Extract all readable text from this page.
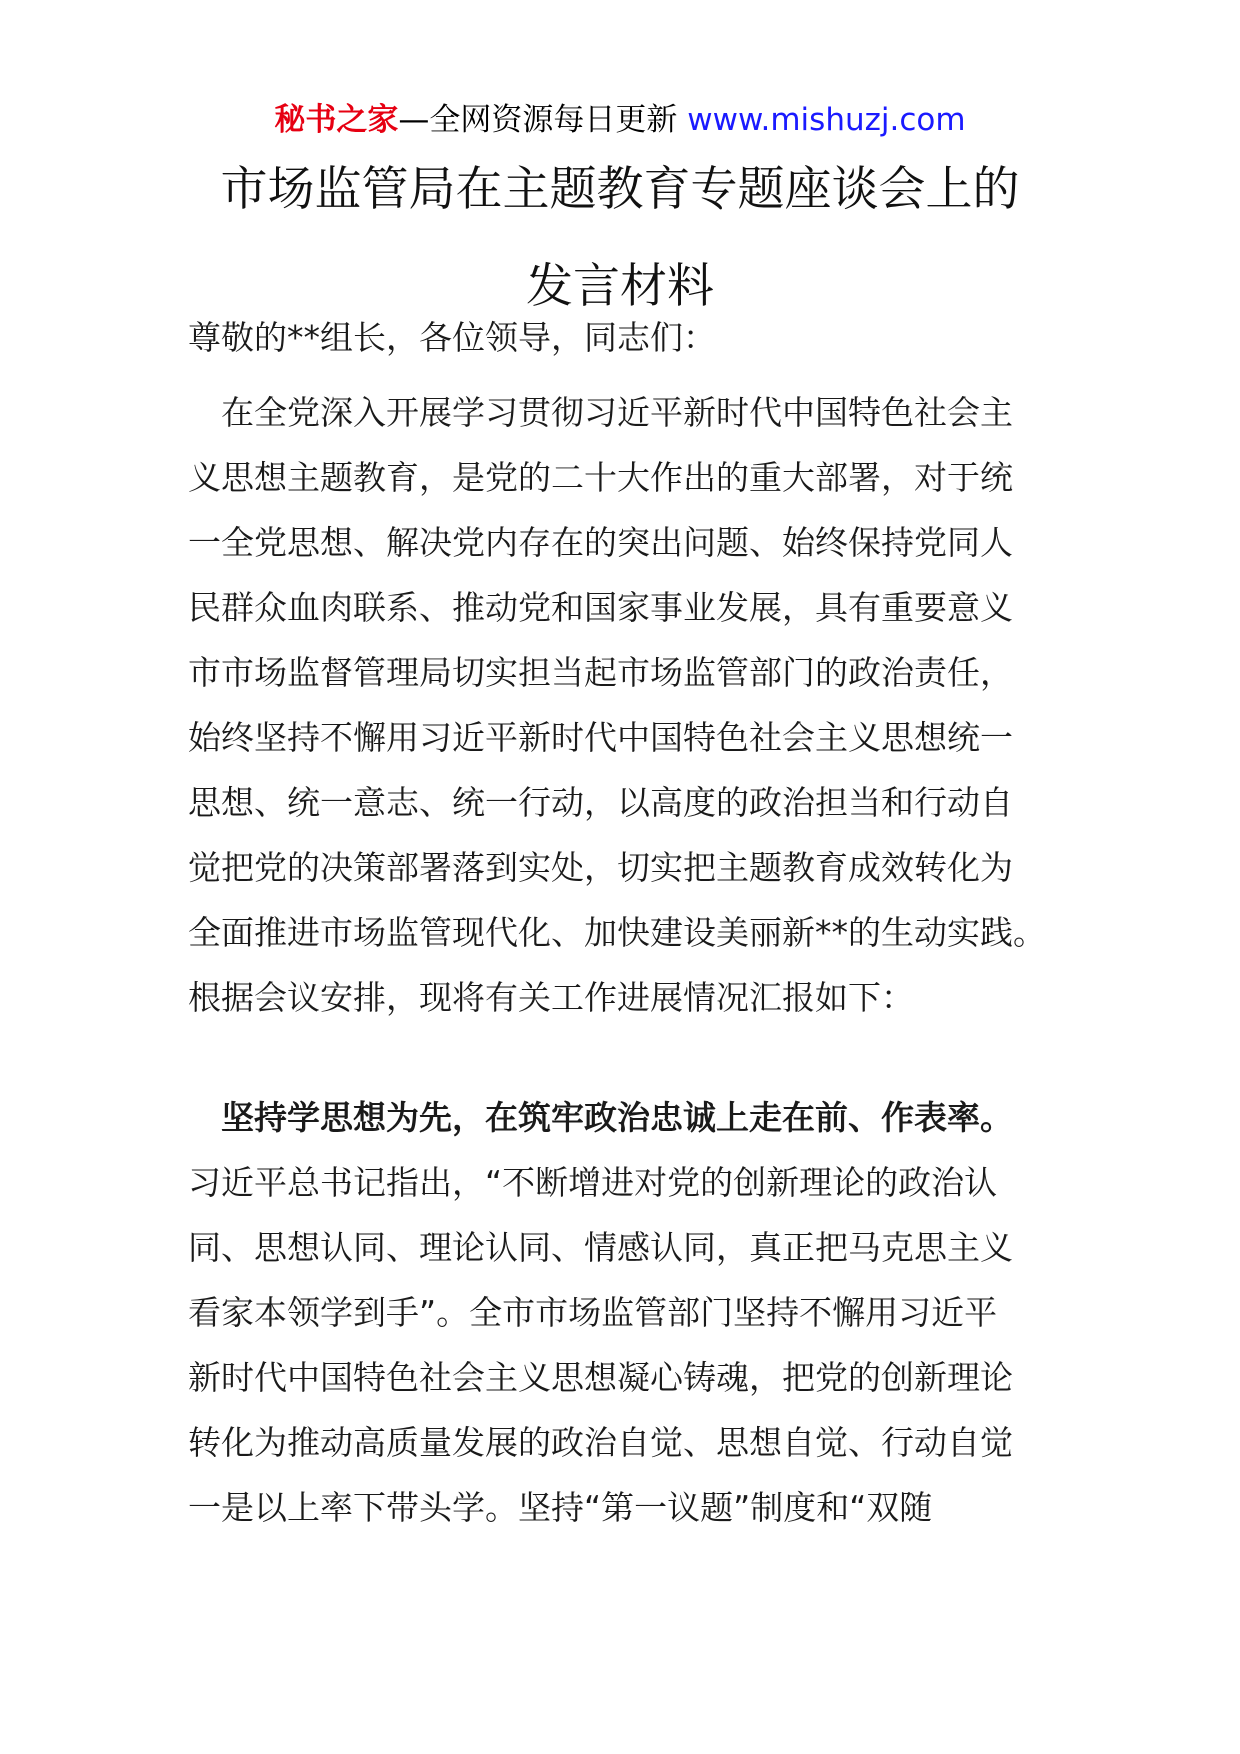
秘书之家—全网资源每日更新 www.mishuzj.com
市场监管局在主题教育专题座谈会上的
发言材料
尊敬的**组长，各位领导，同志们：
　在全党深入开展学习贯彻习近平新时代中国特色社会主
义思想主题教育，是党的二十大作出的重大部署，对于统
一全党思想、解决党内存在的突出问题、始终保持党同人
民群众血肉联系、推动党和国家事业发展，具有重要意义
市市场监督管理局切实担当起市场监管部门的政治责任，
始终坚持不懈用习近平新时代中国特色社会主义思想统一
思想、统一意志、统一行动，以高度的政治担当和行动自
觉把党的决策部署落到实处，切实把主题教育成效转化为
全面推进市场监管现代化、加快建设美丽新**的生动实践。
根据会议安排，现将有关工作进展情况汇报如下：
　坚持学思想为先，在筑牢政治忠诚上走在前、作表率。
习近平总书记指出，“不断增进对党的创新理论的政治认
同、思想认同、理论认同、情感认同，真正把马克思主义
看家本领学到手”。全市市场监管部门坚持不懈用习近平
新时代中国特色社会主义思想凝心铸魂，把党的创新理论
转化为推动高质量发展的政治自觉、思想自觉、行动自觉
一是以上率下带头学。坚持“第一议题”制度和“双随
